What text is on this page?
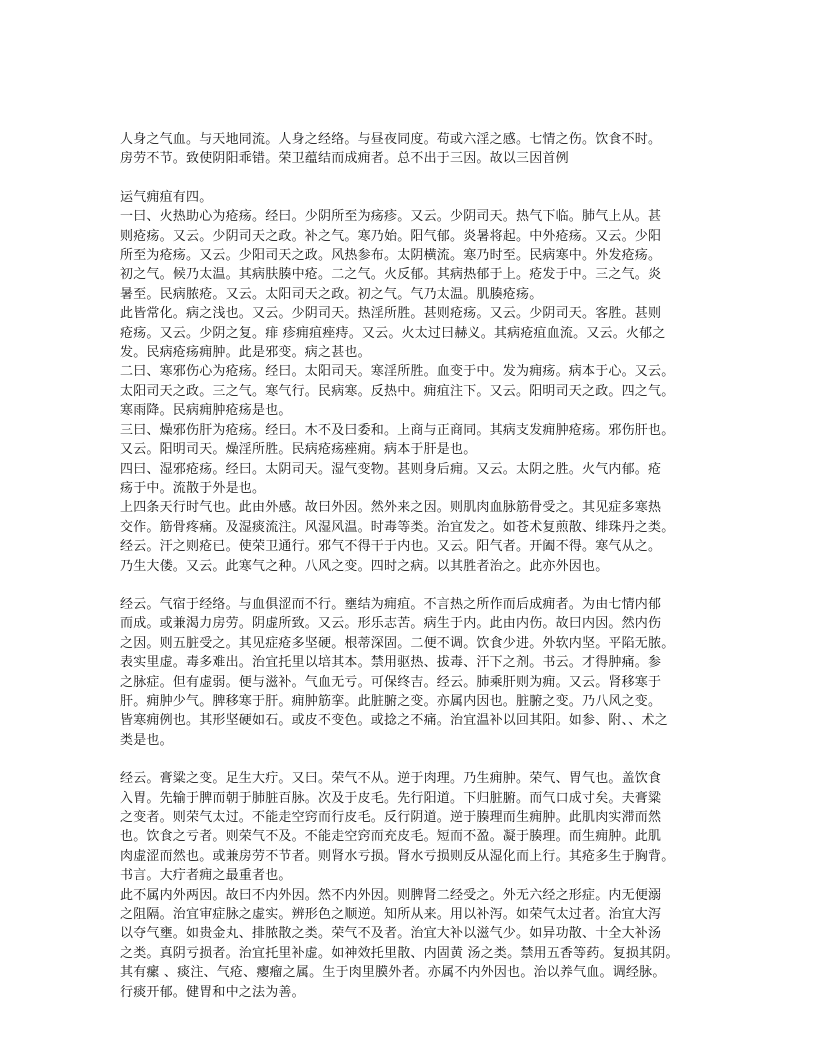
人身之气血。与天地同流。人身之经络。与昼夜同度。苟或六淫之感。七情之伤。饮食不时。
房劳不节。致使阴阳乖错。荣卫蕴结而成痈者。总不出于三因。故以三因首例
运气痈疽有四。
一曰、火热助心为疮疡。经曰。少阴所至为疡疹。又云。少阴司天。热气下临。肺气上从。甚
则疮疡。又云。少阴司天之政。补之气。寒乃始。阳气郁。炎暑将起。中外疮疡。又云。少阳
所至为疮疡。又云。少阳司天之政。风热参布。太阴横流。寒乃时至。民病寒中。外发疮疡。
初之气。候乃太温。其病肤腠中疮。二之气。火反郁。其病热郁于上。疮发于中。三之气。炎
暑至。民病脓疮。又云。太阳司天之政。初之气。气乃太温。肌腠疮疡。
此皆常化。病之浅也。又云。少阴司天。热淫所胜。甚则疮疡。又云。少阴司天。客胜。甚则
疮疡。又云。少阴之复。痱 疹痈疽痤痔。又云。火太过曰赫义。其病疮疽血流。又云。火郁之
发。民病疮疡痈肿。此是邪变。病之甚也。
二曰、寒邪伤心为疮疡。经曰。太阳司天。寒淫所胜。血变于中。发为痈疡。病本于心。又云。
太阳司天之政。三之气。寒气行。民病寒。反热中。痈疽注下。又云。阳明司天之政。四之气。
寒雨降。民病痈肿疮疡是也。
三曰、燥邪伤肝为疮疡。经曰。木不及曰委和。上商与正商同。其病支发痈肿疮疡。邪伤肝也。
又云。阳明司天。燥淫所胜。民病疮疡痤痈。病本于肝是也。
四曰、湿邪疮疡。经曰。太阴司天。湿气变物。甚则身后痈。又云。太阴之胜。火气内郁。疮
疡于中。流散于外是也。
上四条天行时气也。此由外感。故曰外因。然外来之因。则肌肉血脉筋骨受之。其见症多寒热
交作。筋骨疼痛。及湿痰流注。风湿风温。时毒等类。治宜发之。如苍术复煎散、绯珠丹之类。
经云。汗之则疮已。使荣卫通行。邪气不得干于内也。又云。阳气者。开阖不得。寒气从之。
乃生大偻。又云。此寒气之种。八风之变。四时之病。以其胜者治之。此亦外因也。
经云。气宿于经络。与血俱涩而不行。壅结为痈疽。不言热之所作而后成痈者。为由七情内郁
而成。或兼渴力房劳。阴虚所致。又云。形乐志苦。病生于内。此由内伤。故曰内因。然内伤
之因。则五脏受之。其见症疮多坚硬。根蒂深固。二便不调。饮食少进。外软内坚。平陷无脓。
表实里虚。毒多难出。治宜托里以培其本。禁用驱热、拔毒、汗下之剂。书云。才得肿痛。参
之脉症。但有虚弱。便与滋补。气血无亏。可保终吉。经云。肺乘肝则为痈。又云。肾移寒于
肝。痈肿少气。脾移寒于肝。痈肿筋挛。此脏腑之变。亦属内因也。脏腑之变。乃八风之变。
皆寒痈例也。其形坚硬如石。或皮不变色。或捻之不痛。治宜温补以回其阳。如参、附、、术之
类是也。
经云。膏粱之变。足生大疔。又曰。荣气不从。逆于肉理。乃生痈肿。荣气、胃气也。盖饮食
入胃。先输于脾而朝于肺脏百脉。次及于皮毛。先行阳道。下归脏腑。而气口成寸矣。夫膏粱
之变者。则荣气太过。不能走空窍而行皮毛。反行阴道。逆于腠理而生痈肿。此肌肉实滞而然
也。饮食之亏者。则荣气不及。不能走空窍而充皮毛。短而不盈。凝于腠理。而生痈肿。此肌
肉虚涩而然也。或兼房劳不节者。则肾水亏损。肾水亏损则反从湿化而上行。其疮多生于胸背。
书言。大疔者痈之最重者也。
此不属内外两因。故曰不内外因。然不内外因。则脾肾二经受之。外无六经之形症。内无便溺
之阻隔。治宜审症脉之虚实。辨形色之顺逆。知所从来。用以补泻。如荣气太过者。治宜大泻
以夺气壅。如贵金丸、排脓散之类。荣气不及者。治宜大补以滋气少。如异功散、十全大补汤
之类。真阴亏损者。治宜托里补虚。如神效托里散、内固黄 汤之类。禁用五香等药。复损其阴。
其有瘰 、痰注、气疮、瘿瘤之属。生于肉里膜外者。亦属不内外因也。治以养气血。调经脉。
行痰开郁。健胃和中之法为善。
